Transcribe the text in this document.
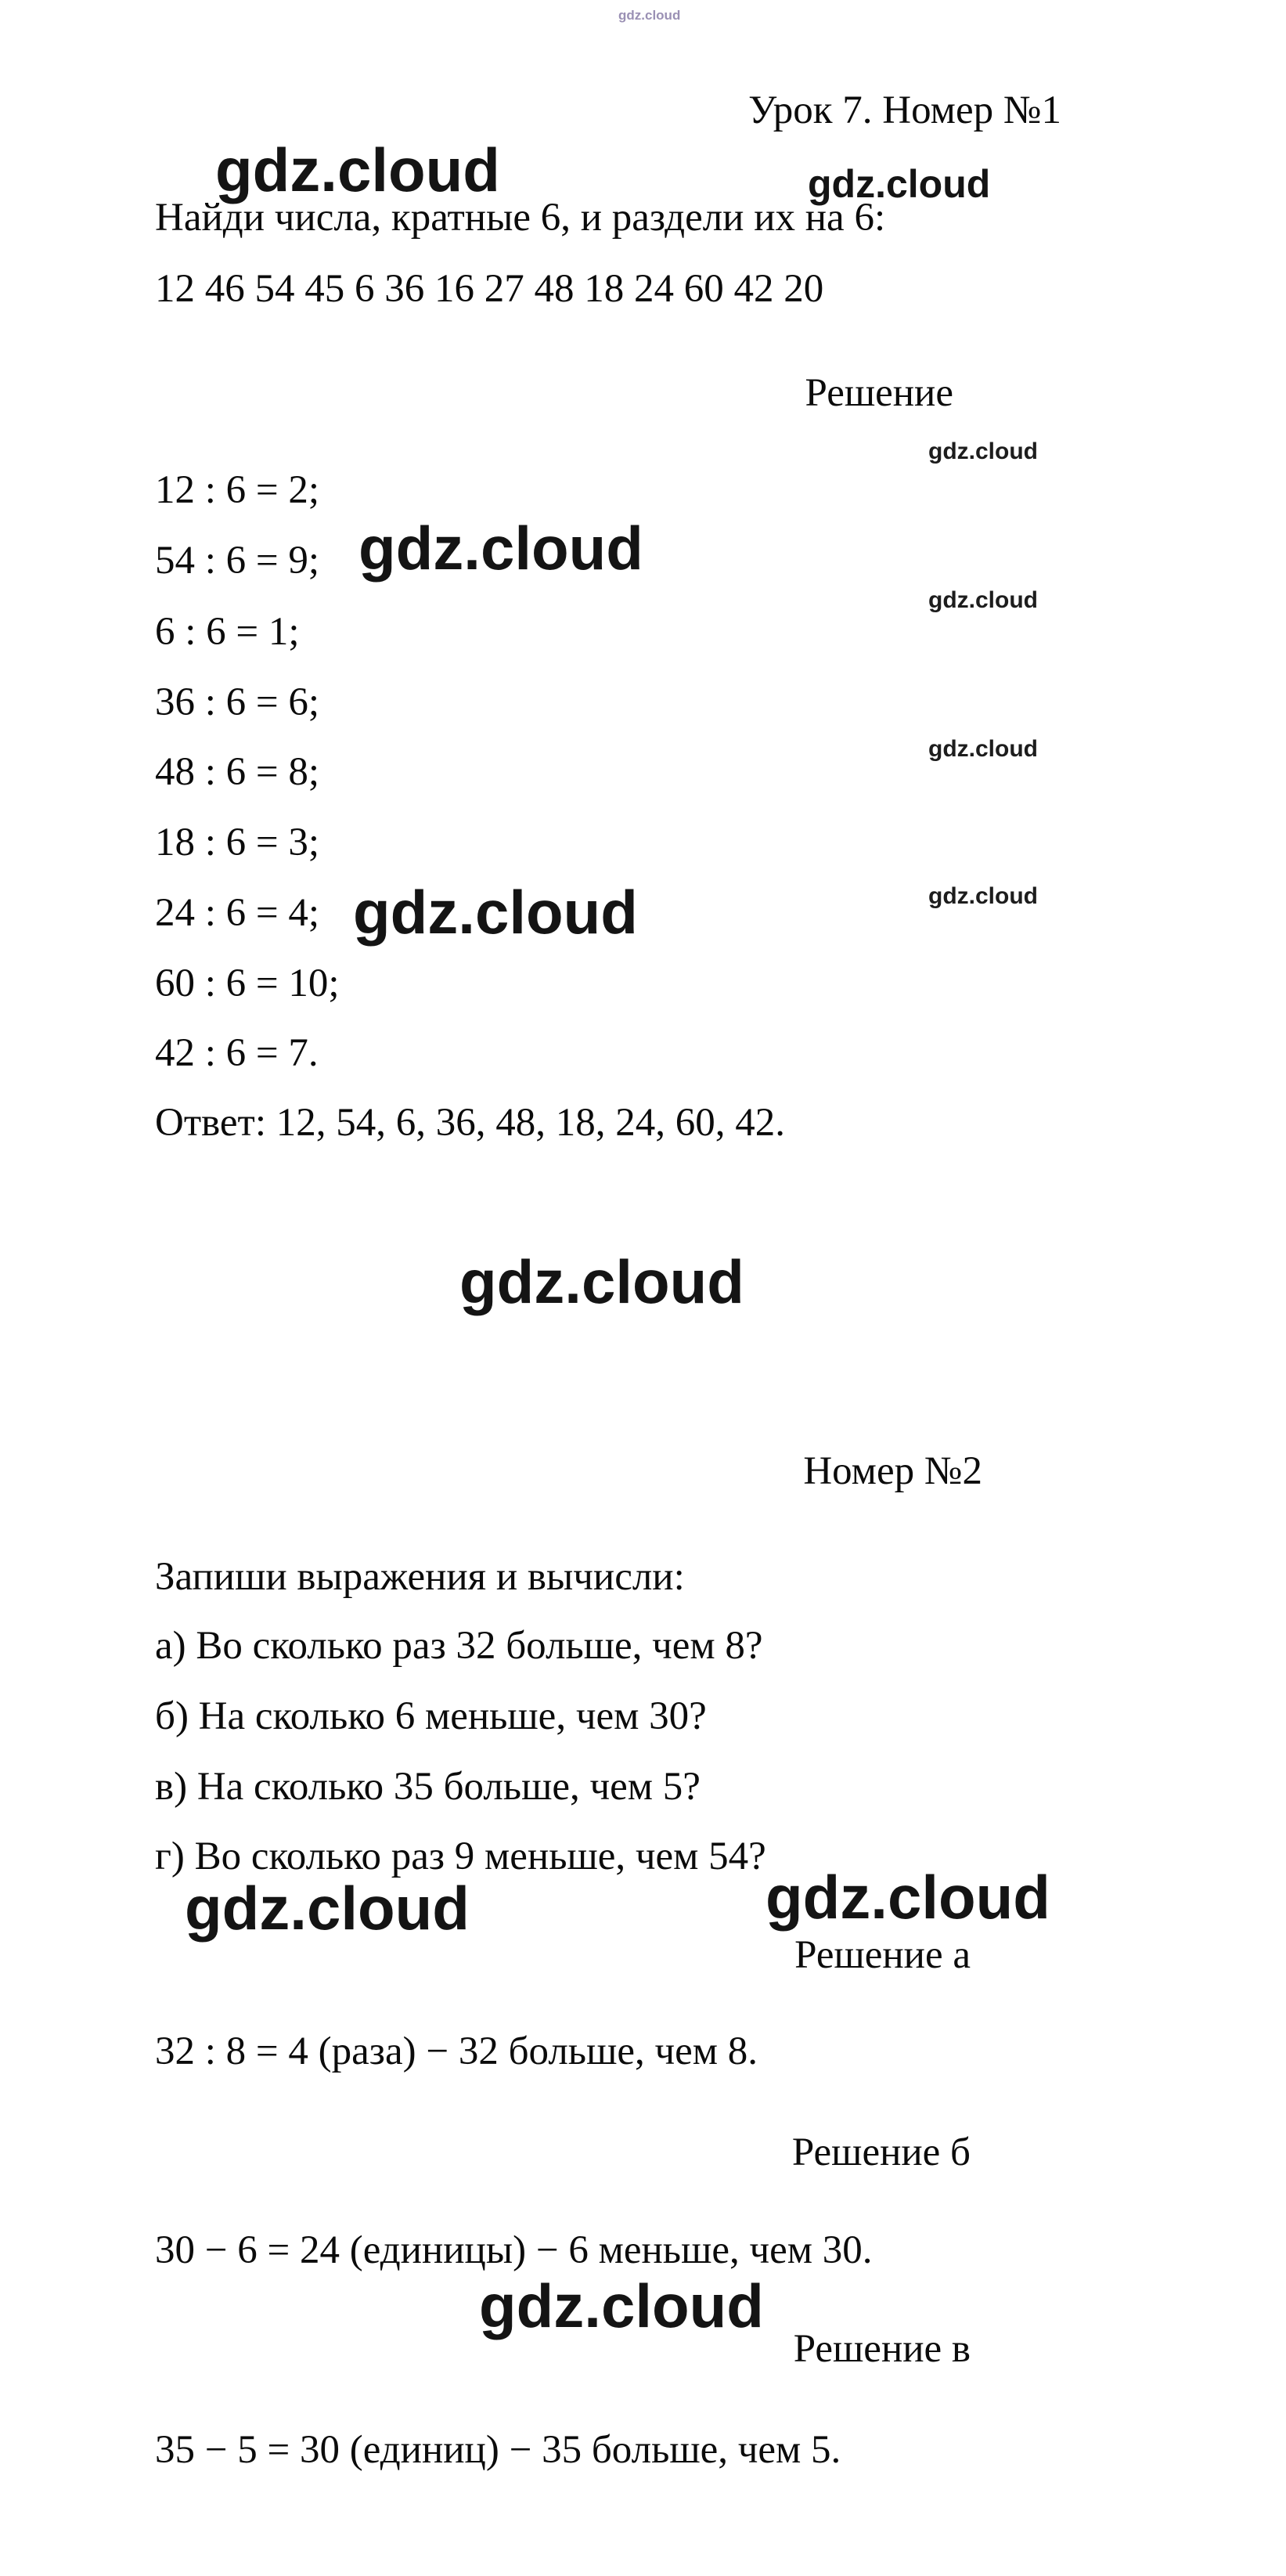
gdz.cloud
Урок 7. Номер №1
gdz.cloud	gdz.cloud
Найди числа, кратные 6, и раздели их на 6:
12 46 54 45 6 36 16 27 48 18 24 60 42 20
Решение
gdz.cloud
gdz.cloud
gdz.cloud
gdz.cloud
12 : 6 = 2;
54 : 6 = 9;
6 : 6 = 1;
36 : 6 = 6;
48 : 6 = 8;
18 : 6 = 3;
24 : 6 = 4;
60 : 6 = 10;
42 : 6 = 7.
gdz.cloud
gdz.cloud
Ответ: 12, 54, 6, 36, 48, 18, 24, 60, 42.
gdz.cloud
Номер №2
Запиши выражения и вычисли:
а) Во сколько раз 32 больше, чем 8?
б) На сколько 6 меньше, чем 30?
в) На сколько 35 больше, чем 5?
г) Во сколько раз 9 меньше, чем 54?
gdz.cloud	gdz.cloud
Решение а
32 : 8 = 4 (раза) − 32 больше, чем 8.
Решение б
30 − 6 = 24 (единицы) − 6 меньше, чем 30.
gdz.cloud
Решение в
35 − 5 = 30 (единиц) − 35 больше, чем 5.
